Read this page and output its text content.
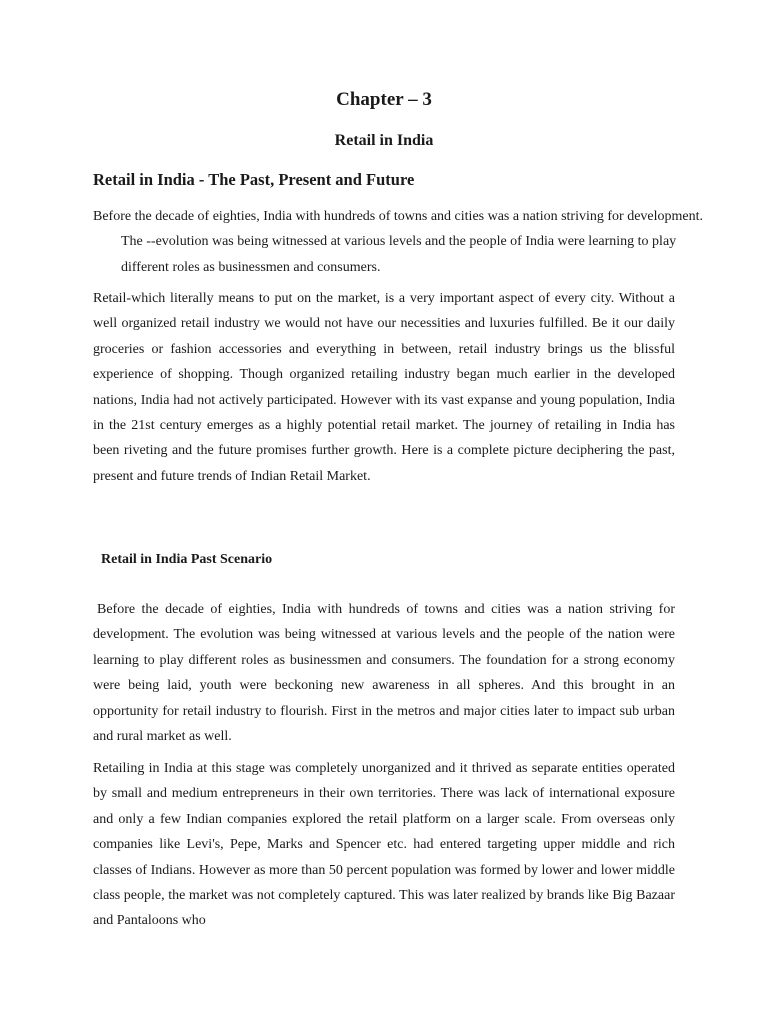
Chapter – 3
Retail in India
Retail in India - The Past, Present and Future

Before the decade of eighties, India with hundreds of towns and cities was a nation striving for development. The --evolution was being witnessed at various levels and the people of India were learning to play different roles as businessmen and consumers.

Retail-which literally means to put on the market, is a very important aspect of every city. Without a well organized retail industry we would not have our necessities and luxuries fulfilled. Be it our daily groceries or fashion accessories and everything in between, retail industry brings us the blissful experience of shopping. Though organized retailing industry began much earlier in the developed nations, India had not actively participated. However with its vast expanse and young population, India in the 21st century emerges as a highly potential retail market. The journey of retailing in India has been riveting and the future promises further growth. Here is a complete picture deciphering the past, present and future trends of Indian Retail Market.

Retail in India Past Scenario

Before the decade of eighties, India with hundreds of towns and cities was a nation striving for development. The evolution was being witnessed at various levels and the people of the nation were learning to play different roles as businessmen and consumers. The foundation for a strong economy were being laid, youth were beckoning new awareness in all spheres. And this brought in an opportunity for retail industry to flourish. First in the metros and major cities later to impact sub urban and rural market as well.

Retailing in India at this stage was completely unorganized and it thrived as separate entities operated by small and medium entrepreneurs in their own territories. There was lack of international exposure and only a few Indian companies explored the retail platform on a larger scale. From overseas only companies like Levi's, Pepe, Marks and Spencer etc. had entered targeting upper middle and rich classes of Indians. However as more than 50 percent population was formed by lower and lower middle class people, the market was not completely captured. This was later realized by brands like Big Bazaar and Pantaloons who
